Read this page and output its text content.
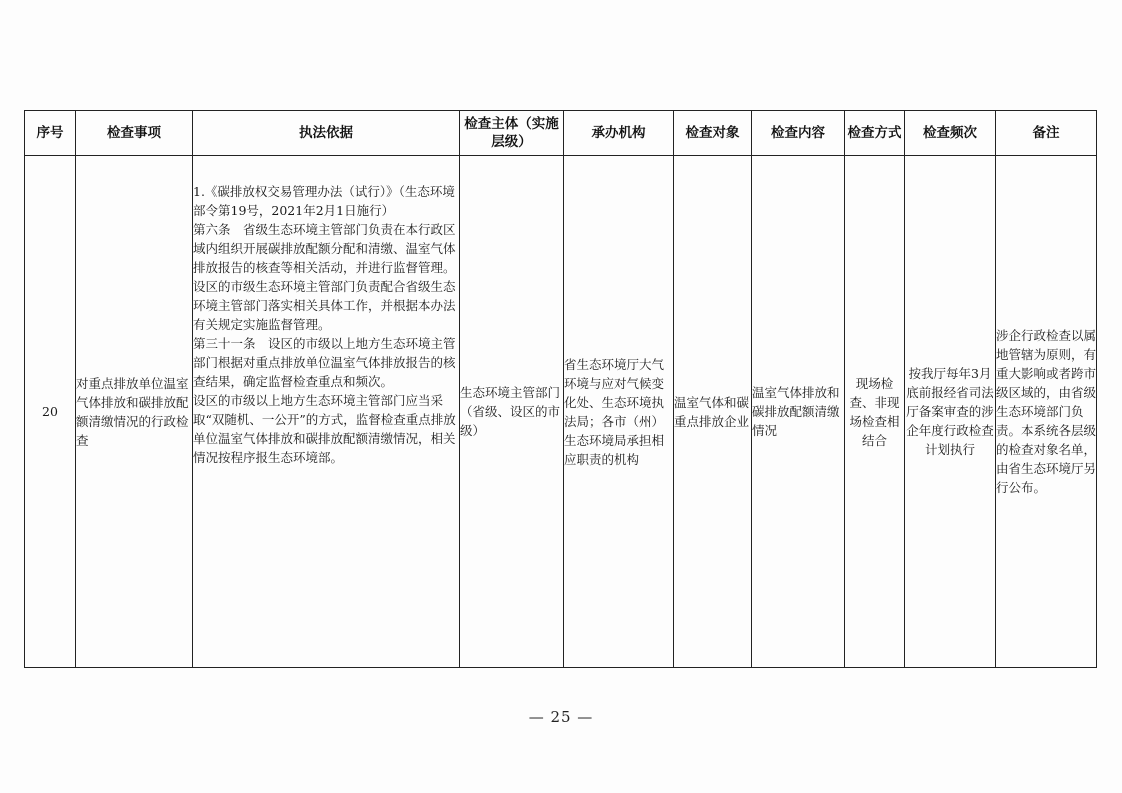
序号	检查事项	执法依据	检查主体（实施层级）	承办机构	检查对象	检查内容	检查方式	检查频次	备注
20	对重点排放单位温室气体排放和碳排放配额清缴情况的行政检查	1.《碳排放权交易管理办法（试行）》（生态环境部令第19号，2021年2月1日施行）

第六条　省级生态环境主管部门负责在本行政区域内组织开展碳排放配额分配和清缴、温室气体排放报告的核查等相关活动，并进行监督管理。设区的市级生态环境主管部门负责配合省级生态环境主管部门落实相关具体工作，并根据本办法有关规定实施监督管理。

第三十一条　设区的市级以上地方生态环境主管部门根据对重点排放单位温室气体排放报告的核查结果，确定监督检查重点和频次。

设区的市级以上地方生态环境主管部门应当采取“双随机、一公开”的方式，监督检查重点排放单位温室气体排放和碳排放配额清缴情况，相关情况按程序报生态环境部。	生态环境主管部门（省级、设区的市级）	省生态环境厅大气环境与应对气候变化处、生态环境执法局；各市（州）生态环境局承担相应职责的机构	温室气体和碳重点排放企业	温室气体排放和碳排放配额清缴情况	现场检查、非现场检查相结合	按我厅每年3月底前报经省司法厅备案审查的涉企年度行政检查计划执行	涉企行政检查以属地管辖为原则，有重大影响或者跨市级区域的，由省级生态环境部门负责。本系统各层级的检查对象名单，由省生态环境厅另行公布。
— 25 —
